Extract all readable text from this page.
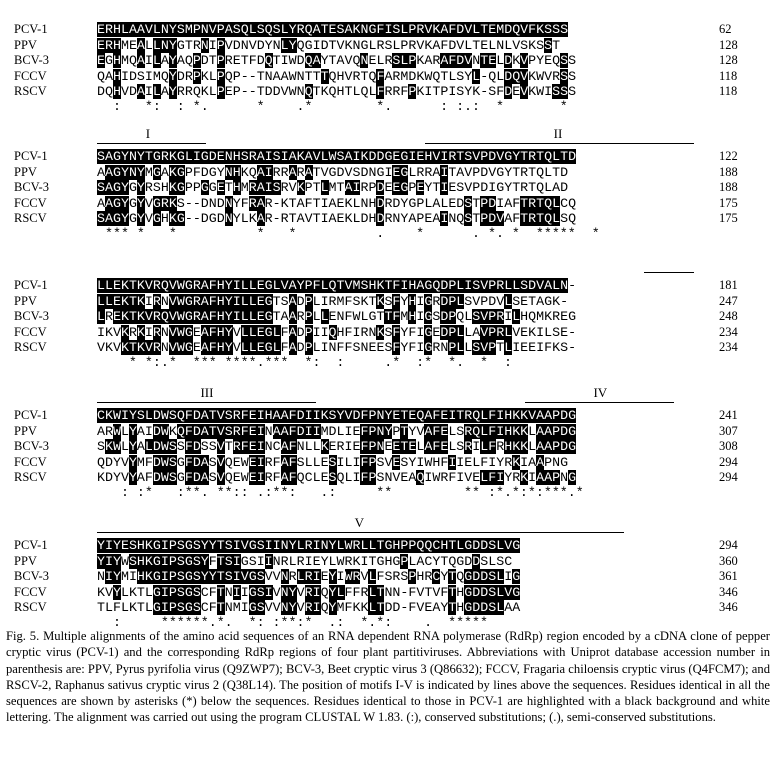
PCV-1	ERHLAAVLNYSMPNVPASQLSQSLYRQATESAKNGFISLPRVKAFDVLTEMDQVFKSSS	62
PPV	ERHMEALLNYGTRNIPVDNVDYNLYQGIDTVKNGLRSLPRVKAFDVLTELNLVSKSST	128
BCV-3	EGHMQAILAYAQPDTPRETFDQTIWDQAYTAVQNELRSLPKARAFDVNTELDKVPYEQSS	128
FCCV	QAHIDSIMQYDRPKLPQP--TNAAWNTTTQHVRTQFARMDKWQTLSYL-QLDQVKWVRSS	118
RSCV	DQHVDAILAYRRQKLPEP--TDDVWNQTKQHTLQLFRRFPKITPISYK-SFDEVKWISSS	118
:   *:  : *.      *    .*        *.      : :.:  *       *
I	II
PCV-1	SAGYNYTGRKGLIGDENHSRAISIAKAVLWSAIKDDGEGIEHVIRTSVPDVGYTRTQLTD	122
PPV	AAGYNYMGAKGPFDGYNHKQAIRRARATVGDVSDNGIEGLRRAITAVPDVGYTRTQLTD	188
BCV-3	SAGYGYRSHKGPPGGETHMRAISRVKPTLMTAIRPDEEGPEYTIESVPDIGYTRTQLAD	188
FCCV	AAGYGYVGRKS--DNDNYFRAR-KTAFTIAEKLNHDRDYGPLALEDSTPDIAFTRTQLCQ	175
RSCV	SAGYGYVGHKG--DGDNYLKAR-RTAVTIAEKLDHDRNYAPEAINQSTPDVAFTRTQLSQ	175
*** *   *          *   *          .    *      . *. *  *****  *
PCV-1	LLEKTKVRQVWGRAFHYILLEGLVAYPFLQTVMSHKTFIHAGQDPLISVPRLLSDVALN-	181
PPV	LLEKTKIRNVWGRAFHYILLEGTSADPLIRMFSKTKSFYHIGRDPLSVPDVLSETAGK-	247
BCV-3	LREKTKVRQVWGRAFHYILLEGTAARPLLENFWLGTTFMHIGSDPQLSVPRILHQMKREG	248
FCCV	IKVKRKIRNVWGEAFHYVLLEGLFADPIIQHFIRNKSFYFIGEDPLLAVPRLVEKILSE-	234
RSCV	VKVKTKVRNVWGEAFHYVLLEGLFADPLINFFSNEESFYFIGRNPLLSVPTLIEEIFKS-	234
* *:.*  *** ****.***  *:  :     .*  :*  *.  *  :
III	IV
PCV-1	CKWIYSLDWSQFDATVSRFEIHAAFDIIKSYVDFPNYETEQAFEITRQLFIHKKVAAPDG	241
PPV	ARWLYAIDWKQFDATVSRFEINAAFDIIMDLIEFPNYPTYVAFELSRQLFIHKKLAAPDG	307
BCV-3	SKWLYALDWSSFDSSVTRFEINCAFNLLKERIEFPNEETELAFELSRILFRHKKLAAPDG	308
FCCV	QDYVYMFDWSGFDASVQEWEIRFAFSLLESILIFPSVESYIWHFIIELFIYRKIAAPNG	294
RSCV	KDYVYAFDWSGFDASVQEWEIRFAFQCLESQLIFPSNVEAQIWRFIVELFIYRKIAAPNG	294
: :*   :**. **:: .:**:   .:     **         ** :*.*:*:***.*
V
PCV-1	YIYESHKGIPSGSYYTSIVGSIINYLRINYLWRLLTGHPPQQCHTLGDDSLVG	294
PPV	YIYWSHKGIPSGSYFTSIGSIINRLRIEYLWRKITGHGPLACYTQGDDSLSC	360
BCV-3	NIYMIHKGIPSGSYYTSIVGSVVNRLRIEYIWRVLFSRSPHRCYTQGDDSLIG	361
FCCV	KVYLKTLGIPSGSCFTNIIGSIVNYVRIQYLFFRLTNN-FVTVFTHGDDSLVG	346
RSCV	TLFLKTLGIPSGSCFTNMIGSVVNYVRIQYMFKKLTDD-FVEAYTHGDDSLAA	346
:     ******.*.  *: :**:*  .:  *.*:    .  *****
Fig. 5. Multiple alignments of the amino acid sequences of an RNA dependent RNA polymerase (RdRp) region encoded by a cDNA clone of pepper cryptic virus (PCV-1) and the corresponding RdRp regions of four plant partitiviruses. Abbreviations with Uniprot database accession number in parenthesis are: PPV, Pyrus pyrifolia virus (Q9ZWP7); BCV-3, Beet cryptic virus 3 (Q86632); FCCV, Fragaria chiloensis cryptic virus (Q4FCM7); and RSCV-2, Raphanus sativus cryptic virus 2 (Q38L14). The position of motifs I-V is indicated by lines above the sequences. Residues identical in all the sequences are shown by asterisks (*) below the sequences. Residues identical to those in PCV-1 are highlighted with a black background and white lettering. The alignment was carried out using the program CLUSTAL W 1.83. (:), conserved substitutions; (.), semi-conserved substitutions.
